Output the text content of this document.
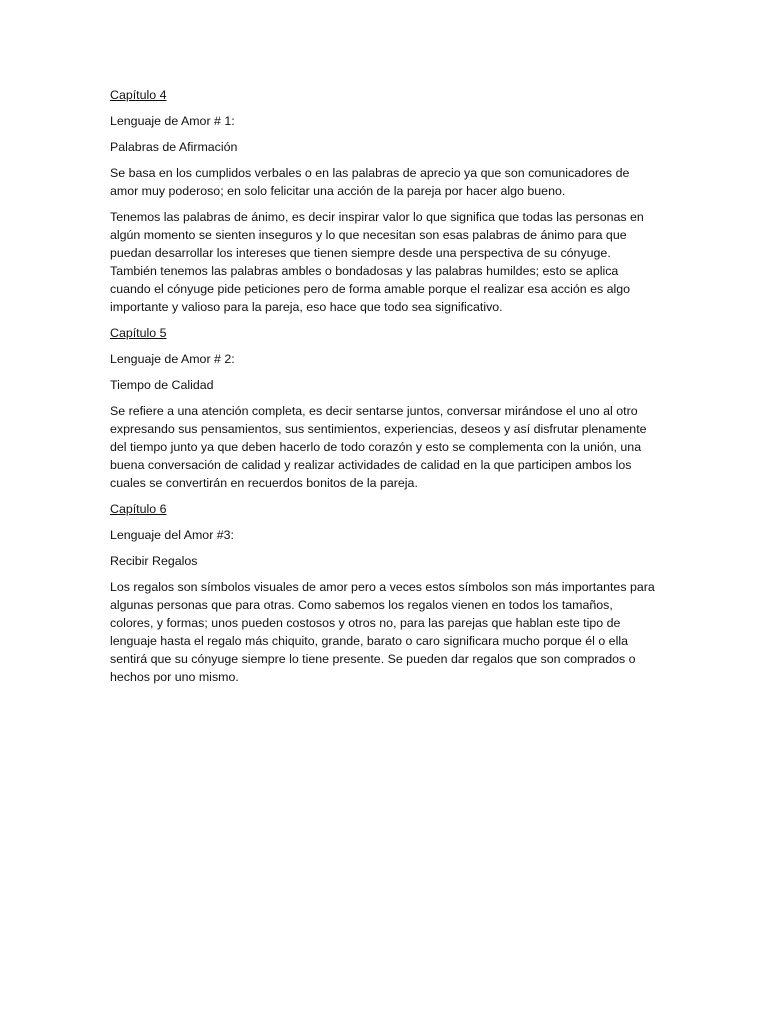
Capítulo 4

Lenguaje de Amor # 1:

Palabras de Afirmación

Se basa en los cumplidos verbales o en las palabras de aprecio ya que son comunicadores de amor muy poderoso; en solo felicitar una acción de la pareja por hacer algo bueno.

Tenemos las palabras de ánimo, es decir inspirar valor lo que significa que todas las personas en algún momento se sienten inseguros y lo que necesitan son esas palabras de ánimo para que puedan desarrollar los intereses que tienen siempre desde una perspectiva de su cónyuge. También tenemos las palabras ambles o bondadosas y las palabras humildes; esto se aplica cuando el cónyuge pide peticiones pero de forma amable porque el realizar esa acción es algo importante y valioso para la pareja, eso hace que todo sea significativo.

Capítulo 5

Lenguaje de Amor # 2:

Tiempo de Calidad

Se refiere a una atención completa, es decir sentarse juntos, conversar mirándose el uno al otro expresando sus pensamientos, sus sentimientos, experiencias, deseos y así disfrutar plenamente del tiempo junto ya que deben hacerlo de todo corazón y esto se complementa con la unión, una buena conversación de calidad y realizar actividades de calidad en la que participen ambos los cuales se convertirán en recuerdos bonitos de la pareja.

Capítulo 6

Lenguaje del Amor #3:

Recibir Regalos

Los regalos son símbolos visuales de amor pero a veces estos símbolos son más importantes para algunas personas que para otras. Como sabemos los regalos vienen en todos los tamaños, colores, y formas; unos pueden costosos y otros no, para las parejas que hablan este tipo de lenguaje hasta el regalo más chiquito, grande, barato o caro significara mucho porque él o ella sentirá que su cónyuge siempre lo tiene presente. Se pueden dar regalos que son comprados o hechos por uno mismo.
